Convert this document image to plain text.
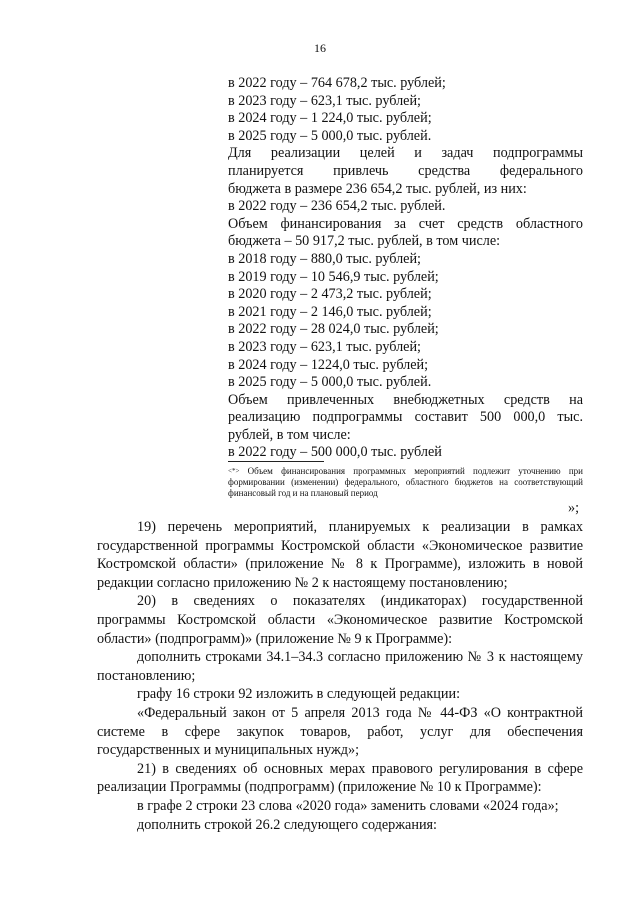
16
в 2022 году – 764 678,2 тыс. рублей;
в 2023 году – 623,1 тыс. рублей;
в 2024 году – 1 224,0 тыс. рублей;
в 2025 году – 5 000,0 тыс. рублей.
Для реализации целей и задач подпрограммы
планируется привлечь средства федерального
бюджета в размере 236 654,2 тыс. рублей, из них:
в 2022 году – 236 654,2 тыс. рублей.
Объем финансирования за счет средств областного
бюджета – 50 917,2 тыс. рублей, в том числе:
в 2018 году – 880,0 тыс. рублей;
в 2019 году – 10 546,9 тыс. рублей;
в 2020 году – 2 473,2 тыс. рублей;
в 2021 году – 2 146,0 тыс. рублей;
в 2022 году – 28 024,0 тыс. рублей;
в 2023 году – 623,1 тыс. рублей;
в 2024 году – 1224,0 тыс. рублей;
в 2025 году – 5 000,0 тыс. рублей.
Объем привлеченных внебюджетных средств на
реализацию подпрограммы составит 500 000,0 тыс.
рублей, в том числе:
в 2022 году – 500 000,0 тыс. рублей
<*> Объем финансирования программных мероприятий подлежит уточнению при формировании (изменении) федерального, областного бюджетов на соответствующий финансовый год и на плановый период
»;

19) перечень мероприятий, планируемых к реализации в рамках государственной программы Костромской области «Экономическое развитие Костромской области» (приложение № 8 к Программе), изложить в новой редакции согласно приложению № 2 к настоящему постановлению;

20) в сведениях о показателях (индикаторах) государственной программы Костромской области «Экономическое развитие Костромской области» (подпрограмм)» (приложение № 9 к Программе):

дополнить строками 34.1–34.3 согласно приложению № 3 к настоящему постановлению;

графу 16 строки 92 изложить в следующей редакции:

«Федеральный закон от 5 апреля 2013 года № 44-ФЗ «О контрактной системе в сфере закупок товаров, работ, услуг для обеспечения государственных и муниципальных нужд»;

21) в сведениях об основных мерах правового регулирования в сфере реализации Программы (подпрограмм) (приложение № 10 к Программе):

в графе 2 строки 23 слова «2020 года» заменить словами «2024 года»;

дополнить строкой 26.2 следующего содержания:
